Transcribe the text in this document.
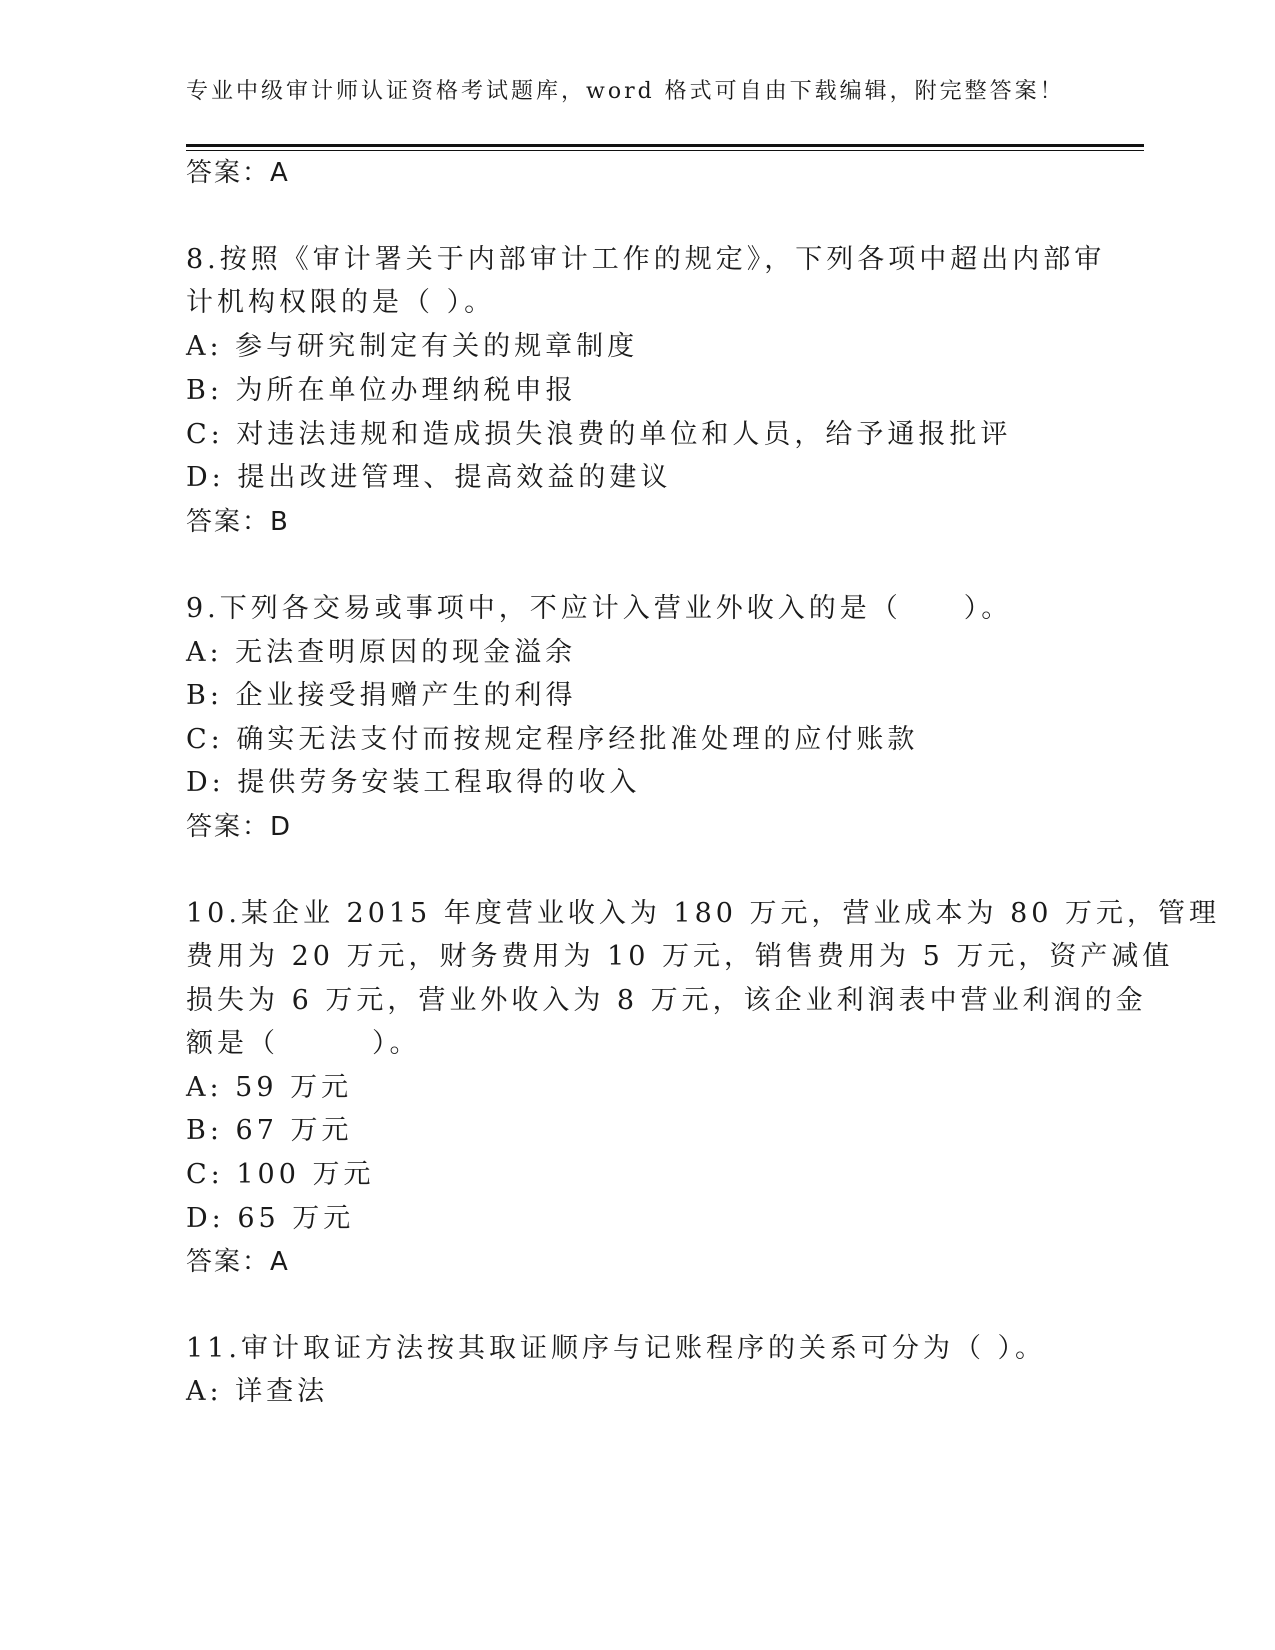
专业中级审计师认证资格考试题库，word 格式可自由下载编辑，附完整答案！
答案：A
8.按照《审计署关于内部审计工作的规定》，下列各项中超出内部审
计机构权限的是（ ）。
A: 参与研究制定有关的规章制度
B: 为所在单位办理纳税申报
C: 对违法违规和造成损失浪费的单位和人员，给予通报批评
D: 提出改进管理、提高效益的建议
答案：B
9.下列各交易或事项中，不应计入营业外收入的是（　　）。
A: 无法查明原因的现金溢余
B: 企业接受捐赠产生的利得
C: 确实无法支付而按规定程序经批准处理的应付账款
D: 提供劳务安装工程取得的收入
答案：D
10.某企业 2015 年度营业收入为 180 万元，营业成本为 80 万元，管理
费用为 20 万元，财务费用为 10 万元，销售费用为 5 万元，资产减值
损失为 6 万元，营业外收入为 8 万元，该企业利润表中营业利润的金
额是（　　　）。
A: 59 万元
B: 67 万元
C: 100 万元
D: 65 万元
答案：A
11.审计取证方法按其取证顺序与记账程序的关系可分为（ ）。
A: 详查法
